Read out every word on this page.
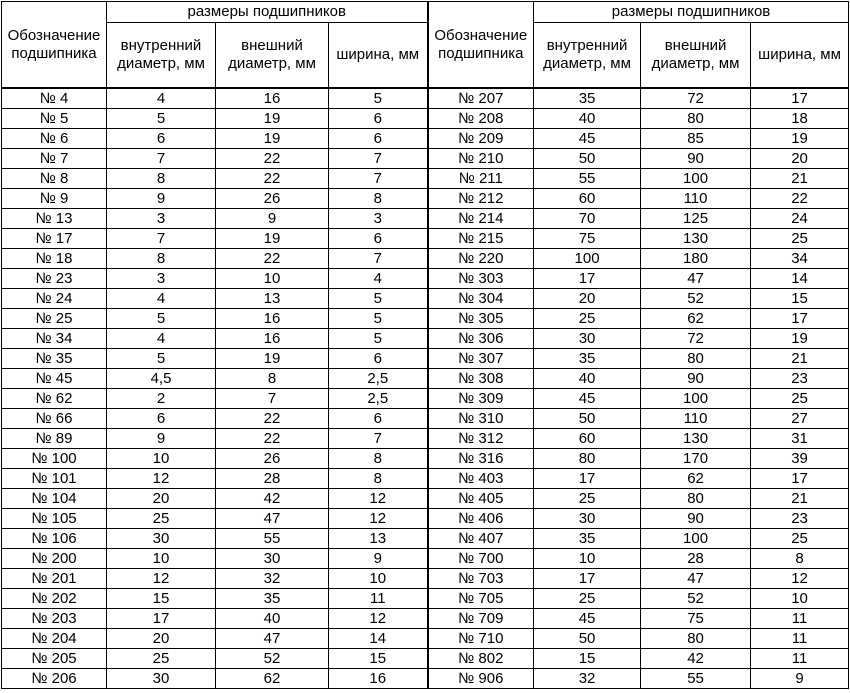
Обозначение подшипника	размеры подшипников			Обозначение подшипника	размеры подшипников		
	внутренний диаметр, мм	внешний диаметр, мм	ширина, мм		внутренний диаметр, мм	внешний диаметр, мм	ширина, мм
№ 4	4	16	5	№ 207	35	72	17
№ 5	5	19	6	№ 208	40	80	18
№ 6	6	19	6	№ 209	45	85	19
№ 7	7	22	7	№ 210	50	90	20
№ 8	8	22	7	№ 211	55	100	21
№ 9	9	26	8	№ 212	60	110	22
№ 13	3	9	3	№ 214	70	125	24
№ 17	7	19	6	№ 215	75	130	25
№ 18	8	22	7	№ 220	100	180	34
№ 23	3	10	4	№ 303	17	47	14
№ 24	4	13	5	№ 304	20	52	15
№ 25	5	16	5	№ 305	25	62	17
№ 34	4	16	5	№ 306	30	72	19
№ 35	5	19	6	№ 307	35	80	21
№ 45	4,5	8	2,5	№ 308	40	90	23
№ 62	2	7	2,5	№ 309	45	100	25
№ 66	6	22	6	№ 310	50	110	27
№ 89	9	22	7	№ 312	60	130	31
№ 100	10	26	8	№ 316	80	170	39
№ 101	12	28	8	№ 403	17	62	17
№ 104	20	42	12	№ 405	25	80	21
№ 105	25	47	12	№ 406	30	90	23
№ 106	30	55	13	№ 407	35	100	25
№ 200	10	30	9	№ 700	10	28	8
№ 201	12	32	10	№ 703	17	47	12
№ 202	15	35	11	№ 705	25	52	10
№ 203	17	40	12	№ 709	45	75	11
№ 204	20	47	14	№ 710	50	80	11
№ 205	25	52	15	№ 802	15	42	11
№ 206	30	62	16	№ 906	32	55	9
